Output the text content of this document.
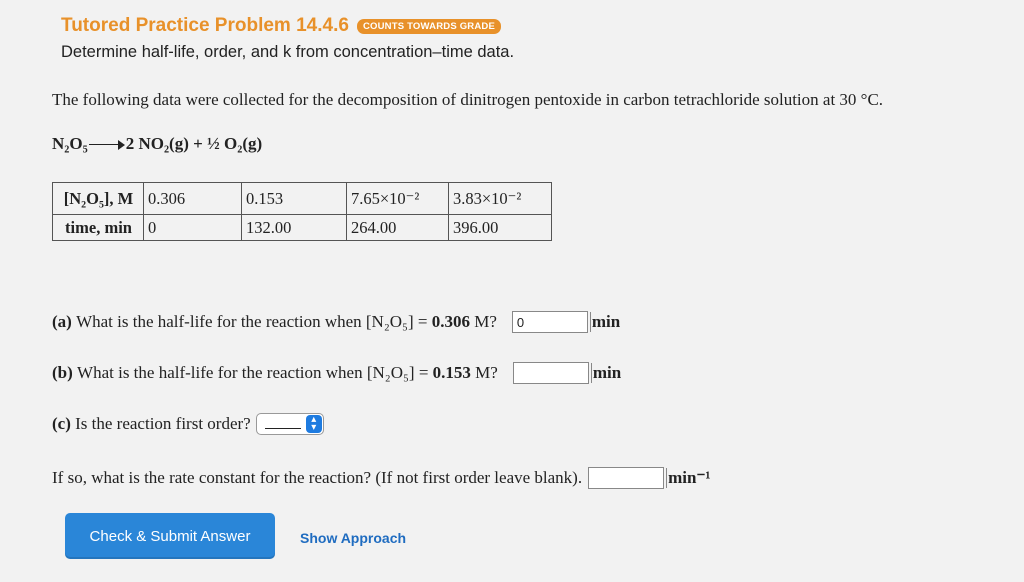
Tutored Practice Problem 14.4.6	COUNTS TOWARDS GRADE
Determine half-life, order, and k from concentration–time data.
The following data were collected for the decomposition of dinitrogen pentoxide in carbon tetrachloride solution at 30 °C.
N₂O₅ 2 NO₂(g) + ½ O₂(g)
[N₂O₅], M	0.306	0.153	7.65×10⁻²	3.83×10⁻²
time, min	0	132.00	264.00	396.00
(a)
What is the half-life for the reaction when [N₂O₅] =
0.306
M?	0	min
(b)
What is the half-life for the reaction when [N₂O₅] =
0.153
M?	min
(c)
Is the reaction first order?	▴
▾
If so, what is the rate constant for the reaction? (If not first order leave blank).	min⁻¹
Check & Submit Answer	Show Approach
